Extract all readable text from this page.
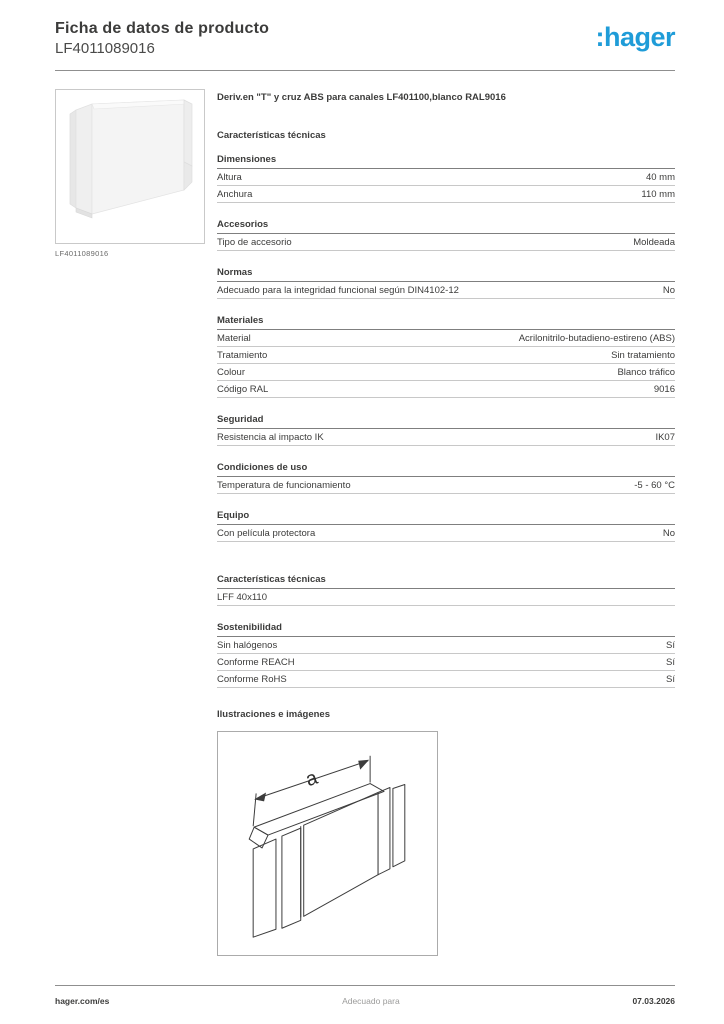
Ficha de datos de producto
LF4011089016	:hager
LF4011089016
Deriv.en "T" y cruz ABS para canales LF401100,blanco RAL9016
Características técnicas
Dimensiones
Altura	40 mm
Anchura	110 mm
Accesorios
Tipo de accesorio	Moldeada
Normas
Adecuado para la integridad funcional según DIN4102-12	No
Materiales
Material	Acrilonitrilo-butadieno-estireno (ABS)
Tratamiento	Sin tratamiento
Colour	Blanco tráfico
Código RAL	9016
Seguridad
Resistencia al impacto IK	IK07
Condiciones de uso
Temperatura de funcionamiento	-5 - 60 °C
Equipo
Con película protectora	No
Características técnicas
LFF 40x110
Sostenibilidad
Sin halógenos	Sí
Conforme REACH	Sí
Conforme RoHS	Sí
Ilustraciones e imágenes
a
hager.com/es	Adecuado para	07.03.2026
